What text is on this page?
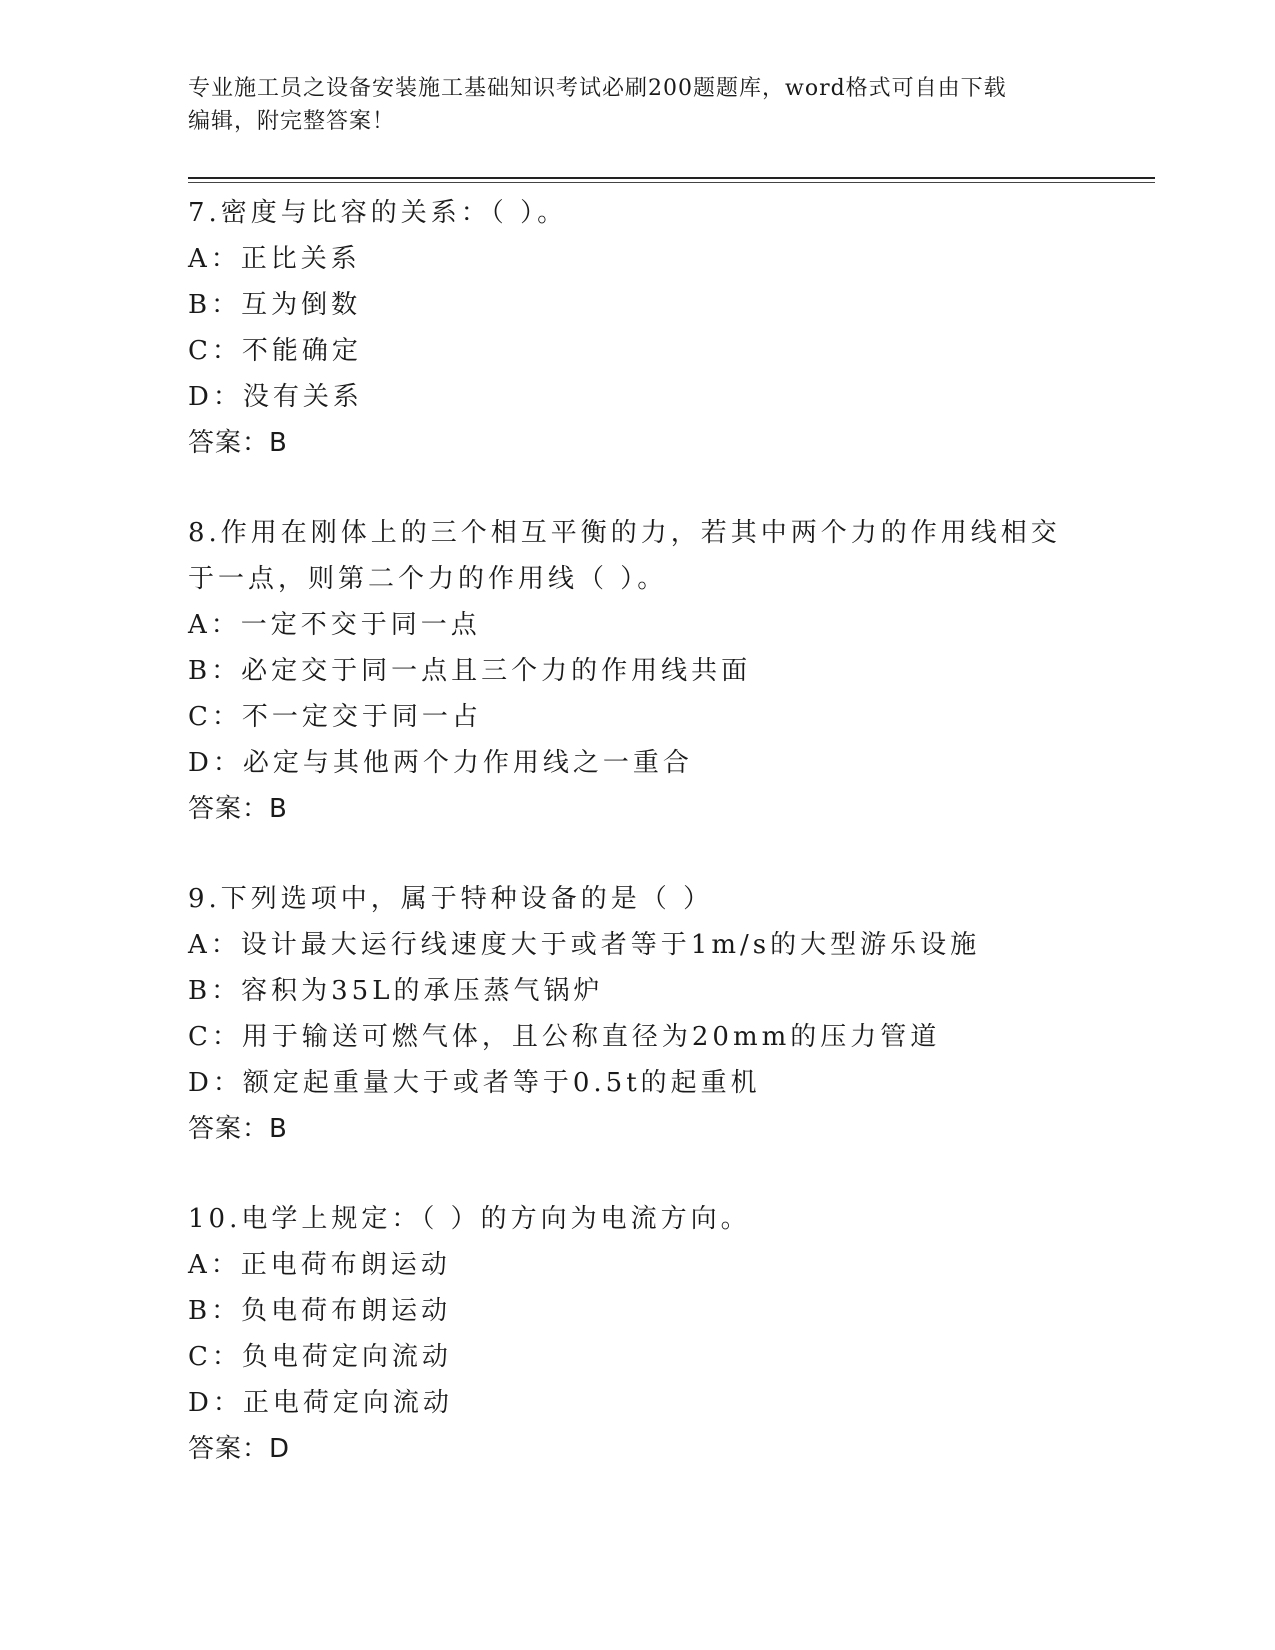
专业施工员之设备安装施工基础知识考试必刷200题题库，word格式可自由下载
编辑，附完整答案！
7.密度与比容的关系：（ ）。
A：正比关系
B：互为倒数
C：不能确定
D：没有关系
答案：B
8.作用在刚体上的三个相互平衡的力，若其中两个力的作用线相交于一点，则第二个力的作用线（ ）。
A：一定不交于同一点
B：必定交于同一点且三个力的作用线共面
C：不一定交于同一占
D：必定与其他两个力作用线之一重合
答案：B
9.下列选项中，属于特种设备的是（ ）
A：设计最大运行线速度大于或者等于1m/s的大型游乐设施
B：容积为35L的承压蒸气锅炉
C：用于输送可燃气体，且公称直径为20mm的压力管道
D：额定起重量大于或者等于0.5t的起重机
答案：B
10.电学上规定：（ ）的方向为电流方向。
A：正电荷布朗运动
B：负电荷布朗运动
C：负电荷定向流动
D：正电荷定向流动
答案：D
